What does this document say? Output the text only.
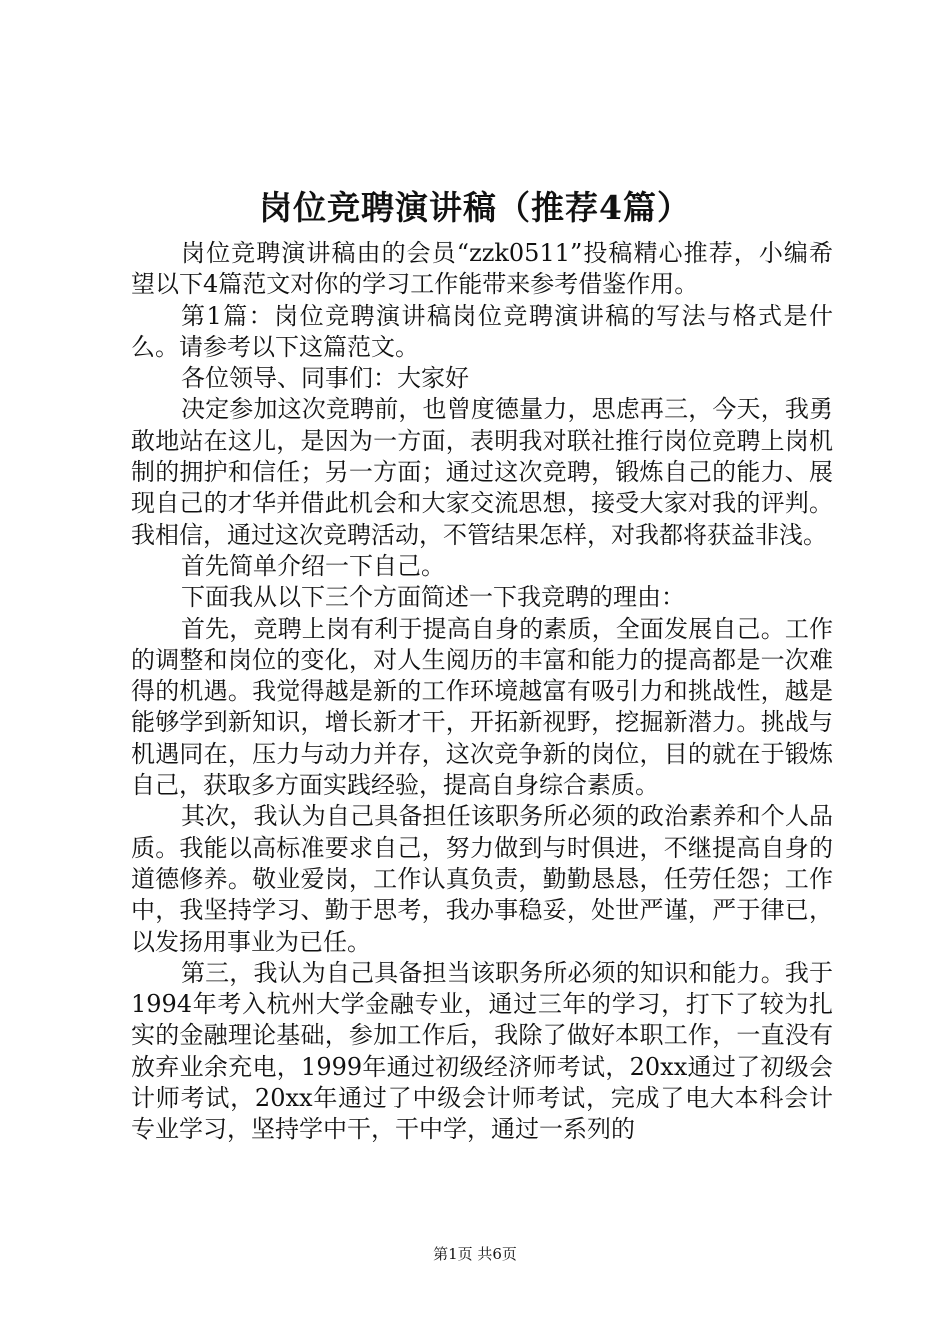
岗位竞聘演讲稿（推荐4篇）

岗位竞聘演讲稿由的会员“zzk0511”投稿精心推荐，小编希望以下4篇范文对你的学习工作能带来参考借鉴作用。

第1篇：岗位竞聘演讲稿岗位竞聘演讲稿的写法与格式是什么。请参考以下这篇范文。

各位领导、同事们：大家好

决定参加这次竞聘前，也曾度德量力，思虑再三，今天，我勇敢地站在这儿，是因为一方面，表明我对联社推行岗位竞聘上岗机制的拥护和信任；另一方面；通过这次竞聘，锻炼自己的能力、展现自己的才华并借此机会和大家交流思想，接受大家对我的评判。我相信，通过这次竞聘活动，不管结果怎样，对我都将获益非浅。

首先简单介绍一下自己。

下面我从以下三个方面简述一下我竞聘的理由：

首先，竞聘上岗有利于提高自身的素质，全面发展自己。工作的调整和岗位的变化，对人生阅历的丰富和能力的提高都是一次难得的机遇。我觉得越是新的工作环境越富有吸引力和挑战性，越是能够学到新知识，增长新才干，开拓新视野，挖掘新潜力。挑战与机遇同在，压力与动力并存，这次竞争新的岗位，目的就在于锻炼自己，获取多方面实践经验，提高自身综合素质。

其次，我认为自己具备担任该职务所必须的政治素养和个人品质。我能以高标准要求自己，努力做到与时俱进，不继提高自身的道德修养。敬业爱岗，工作认真负责，勤勤恳恳，任劳任怨；工作中，我坚持学习、勤于思考，我办事稳妥，处世严谨，严于律已，以发扬用事业为已任。

第三，我认为自己具备担当该职务所必须的知识和能力。我于1994年考入杭州大学金融专业，通过三年的学习，打下了较为扎实的金融理论基础，参加工作后，我除了做好本职工作，一直没有放弃业余充电，1999年通过初级经济师考试，20xx通过了初级会计师考试，20xx年通过了中级会计师考试，完成了电大本科会计专业学习，坚持学中干，干中学，通过一系列的

第1页 共6页
